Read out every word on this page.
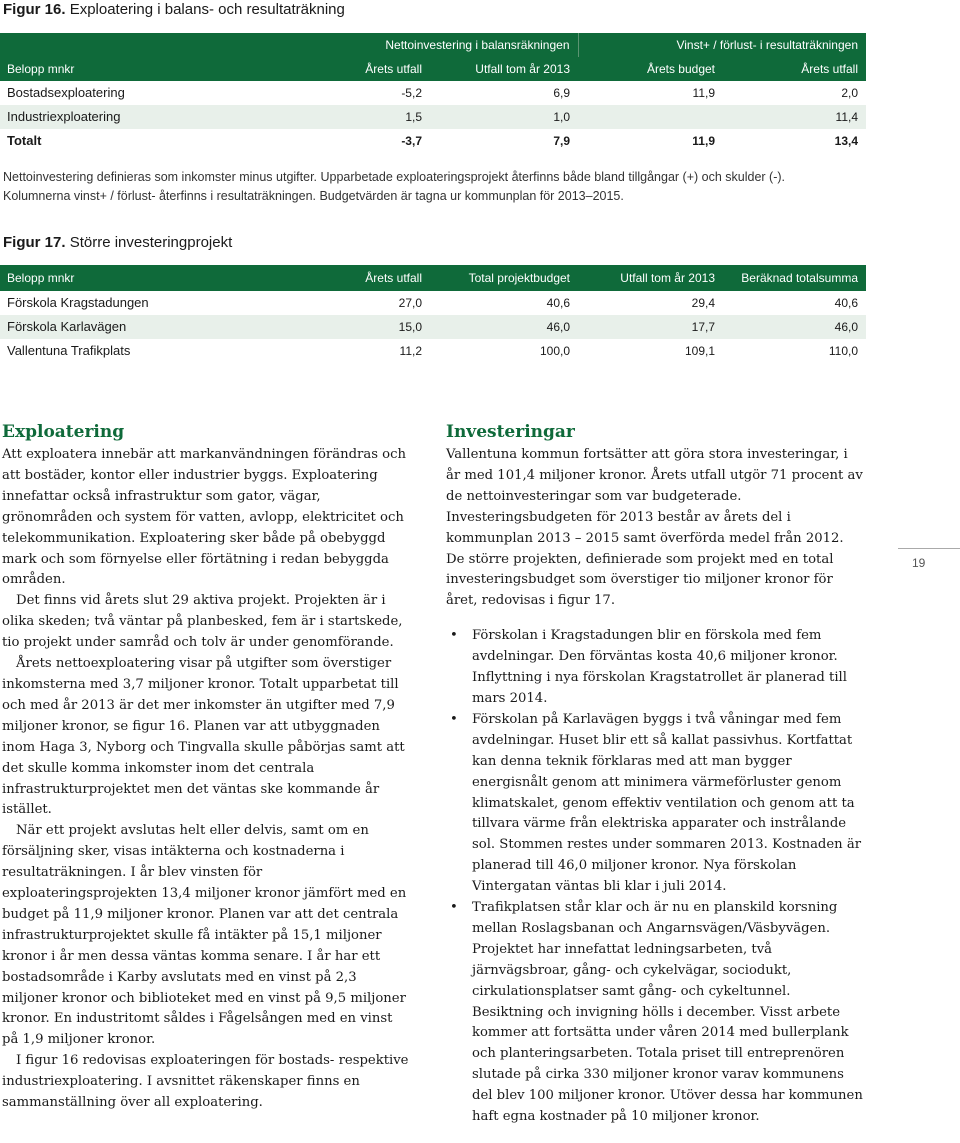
Figur 16. Exploatering i balans- och resultaträkning
	Nettoinvestering i balansräkningen		Vinst+ / förlust- i resultaträkningen	
Belopp mnkr	Årets utfall	Utfall tom år 2013	Årets budget	Årets utfall
Bostadsexploatering	-5,2	6,9	11,9	2,0
Industriexploatering	1,5	1,0		11,4
Totalt	-3,7	7,9	11,9	13,4
Nettoinvestering definieras som inkomster minus utgifter. Upparbetade exploateringsprojekt återfinns både bland tillgångar (+) och skulder (-).
Kolumnerna vinst+ / förlust- återfinns i resultaträkningen. Budgetvärden är tagna ur kommunplan för 2013–2015.
Figur 17. Större investeringprojekt
Belopp mnkr	Årets utfall	Total projektbudget	Utfall tom år 2013	Beräknad totalsumma
Förskola Kragstadungen	27,0	40,6	29,4	40,6
Förskola Karlavägen	15,0	46,0	17,7	46,0
Vallentuna Trafikplats	11,2	100,0	109,1	110,0
Exploatering

Att exploatera innebär att markanvändningen förändras och att bostäder, kontor eller industrier byggs. Exploatering innefattar också infrastruktur som gator, vägar, grönområden och system för vatten, avlopp, elektricitet och telekommunikation. Exploatering sker både på obebyggd mark och som förnyelse eller förtätning i redan bebyggda områden.

Det finns vid årets slut 29 aktiva projekt. Projekten är i olika skeden; två väntar på planbesked, fem är i startskede, tio projekt under samråd och tolv är under genomförande.

Årets nettoexploatering visar på utgifter som överstiger inkomsterna med 3,7 miljoner kronor. Totalt upparbetat till och med år 2013 är det mer inkomster än utgifter med 7,9 miljoner kronor, se figur 16. Planen var att utbyggnaden inom Haga 3, Nyborg och Tingvalla skulle påbörjas samt att det skulle komma inkomster inom det centrala infrastrukturprojektet men det väntas ske kommande år istället.

När ett projekt avslutas helt eller delvis, samt om en försäljning sker, visas intäkterna och kostnaderna i resultaträkningen. I år blev vinsten för exploateringsprojekten 13,4 miljoner kronor jämfört med en budget på 11,9 miljoner kronor. Planen var att det centrala infrastrukturprojektet skulle få intäkter på 15,1 miljoner kronor i år men dessa väntas komma senare. I år har ett bostadsområde i Karby avslutats med en vinst på 2,3 miljoner kronor och biblioteket med en vinst på 9,5 miljoner kronor. En industritomt såldes i Fågelsången med en vinst på 1,9 miljoner kronor.

I figur 16 redovisas exploateringen för bostads- respektive industriexploatering. I avsnittet räkenskaper finns en sammanställning över all exploatering.

Investeringar

Vallentuna kommun fortsätter att göra stora investeringar, i år med 101,4 miljoner kronor. Årets utfall utgör 71 procent av de nettoinvesteringar som var budgeterade. Investeringsbudgeten för 2013 består av årets del i kommunplan 2013 – 2015 samt överförda medel från 2012. De större projekten, definierade som projekt med en total investeringsbudget som överstiger tio miljoner kronor för året, redovisas i figur 17.

• Förskolan i Kragstadungen blir en förskola med fem avdelningar. Den förväntas kosta 40,6 miljoner kronor. Inflyttning i nya förskolan Kragstatrollet är planerad till mars 2014.
• Förskolan på Karlavägen byggs i två våningar med fem avdelningar. Huset blir ett så kallat passivhus. Kortfattat kan denna teknik förklaras med att man bygger energisnålt genom att minimera värmeförluster genom klimatskalet, genom effektiv ventilation och genom att ta tillvara värme från elektriska apparater och instrålande sol. Stommen restes under sommaren 2013. Kostnaden är planerad till 46,0 miljoner kronor. Nya förskolan Vintergatan väntas bli klar i juli 2014.
• Trafikplatsen står klar och är nu en planskild korsning mellan Roslagsbanan och Angarnsvägen/Väsbyvägen. Projektet har innefattat ledningsarbeten, två järnvägsbroar, gång- och cykelvägar, sociodukt, cirkulationsplatser samt gång- och cykeltunnel. Besiktning och invigning hölls i december. Visst arbete kommer att fortsätta under våren 2014 med bullerplank och planteringsarbeten. Totala priset till entreprenören slutade på cirka 330 miljoner kronor varav kommunens del blev 100 miljoner kronor. Utöver dessa har kommunen haft egna kostnader på 10 miljoner kronor.
19
